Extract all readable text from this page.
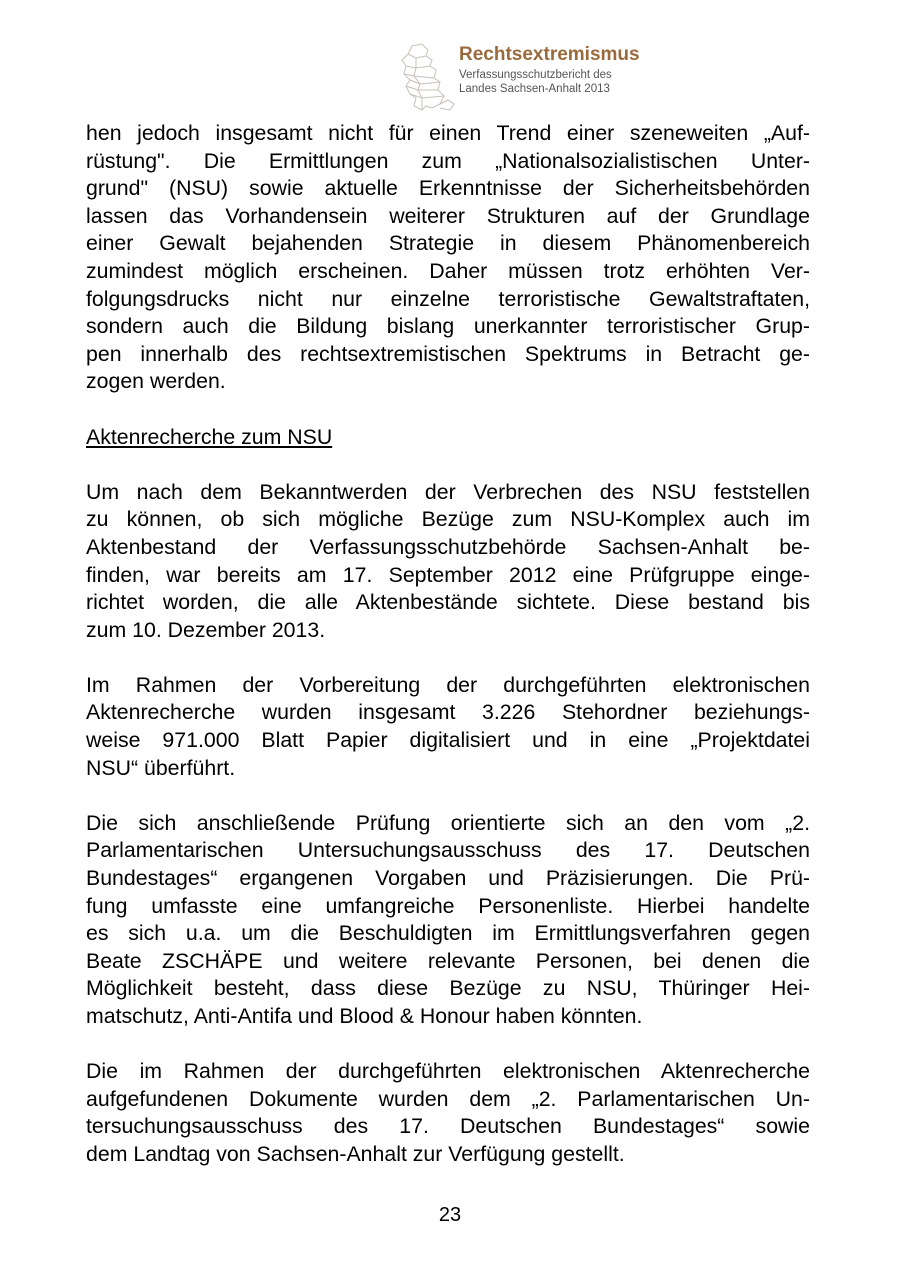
Rechtsextremismus
Verfassungsschutzbericht des
Landes Sachsen-Anhalt 2013

hen jedoch insgesamt nicht für einen Trend einer szeneweiten „Auf-
rüstung". Die Ermittlungen zum „Nationalsozialistischen Unter-
grund" (NSU) sowie aktuelle Erkenntnisse der Sicherheitsbehörden
lassen das Vorhandensein weiterer Strukturen auf der Grundlage
einer Gewalt bejahenden Strategie in diesem Phänomenbereich
zumindest möglich erscheinen. Daher müssen trotz erhöhten Ver-
folgungsdrucks nicht nur einzelne terroristische Gewaltstraftaten,
sondern auch die Bildung bislang unerkannter terroristischer Grup-
pen innerhalb des rechtsextremistischen Spektrums in Betracht ge-
zogen werden.

Aktenrecherche zum NSU

Um nach dem Bekanntwerden der Verbrechen des NSU feststellen
zu können, ob sich mögliche Bezüge zum NSU-Komplex auch im
Aktenbestand der Verfassungsschutzbehörde Sachsen-Anhalt be-
finden, war bereits am 17. September 2012 eine Prüfgruppe einge-
richtet worden, die alle Aktenbestände sichtete. Diese bestand bis
zum 10. Dezember 2013.

Im Rahmen der Vorbereitung der durchgeführten elektronischen
Aktenrecherche wurden insgesamt 3.226 Stehordner beziehungs-
weise 971.000 Blatt Papier digitalisiert und in eine „Projektdatei
NSU“ überführt.

Die sich anschließende Prüfung orientierte sich an den vom „2.
Parlamentarischen Untersuchungsausschuss des 17. Deutschen
Bundestages“ ergangenen Vorgaben und Präzisierungen. Die Prü-
fung umfasste eine umfangreiche Personenliste. Hierbei handelte
es sich u.a. um die Beschuldigten im Ermittlungsverfahren gegen
Beate ZSCHÄPE und weitere relevante Personen, bei denen die
Möglichkeit besteht, dass diese Bezüge zu NSU, Thüringer Hei-
matschutz, Anti-Antifa und Blood & Honour haben könnten.

Die im Rahmen der durchgeführten elektronischen Aktenrecherche
aufgefundenen Dokumente wurden dem „2. Parlamentarischen Un-
tersuchungsausschuss des 17. Deutschen Bundestages“ sowie
dem Landtag von Sachsen-Anhalt zur Verfügung gestellt.

23
